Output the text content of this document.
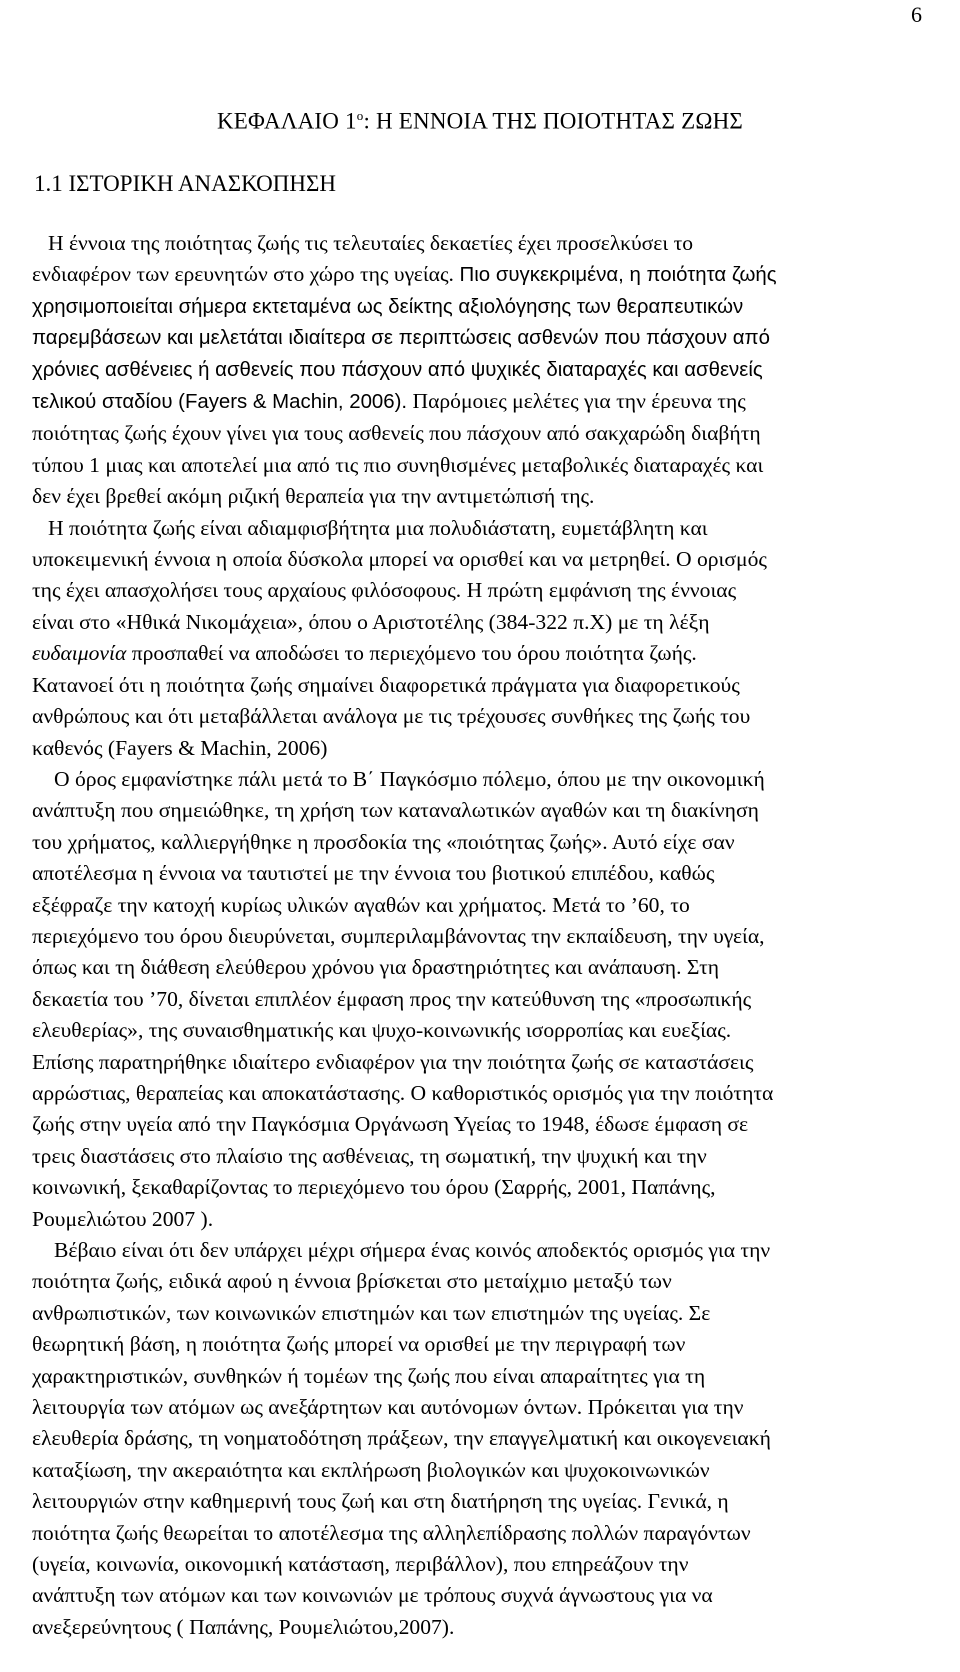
6
ΚΕΦΑΛΑΙΟ $1^o$: Η ΕΝΝΟΙΑ ΤΗΣ ΠΟΙΟΤΗΤΑΣ ΖΩΗΣ
1.1 ΙΣΤΟΡΙΚΗ ΑΝΑΣΚΟΠΗΣΗ
Η έννοια της ποιότητας ζωής τις τελευταίες δεκαετίες έχει προσελκύσει το
ενδιαφέρον των ερευνητών στο χώρο της υγείας. Πιο συγκεκριμένα, η ποιότητα ζωής
χρησιμοποιείται σήμερα εκτεταμένα ως δείκτης αξιολόγησης των θεραπευτικών
παρεμβάσεων και μελετάται ιδιαίτερα σε περιπτώσεις ασθενών που πάσχουν από
χρόνιες ασθένειες ή ασθενείς που πάσχουν από ψυχικές διαταραχές και ασθενείς
τελικού σταδίου (Fayers & Machin, 2006). Παρόμοιες μελέτες για την έρευνα της
ποιότητας ζωής έχουν γίνει για τους ασθενείς που πάσχουν από σακχαρώδη διαβήτη
τύπου 1 μιας και αποτελεί μια από τις πιο συνηθισμένες μεταβολικές διαταραχές και
δεν έχει βρεθεί ακόμη ριζική θεραπεία για την αντιμετώπισή της.
Η ποιότητα ζωής είναι αδιαμφισβήτητα μια πολυδιάστατη, ευμετάβλητη και
υποκειμενική έννοια η οποία δύσκολα μπορεί να ορισθεί και να μετρηθεί. Ο ορισμός
της έχει απασχολήσει τους αρχαίους φιλόσοφους. Η πρώτη εμφάνιση της έννοιας
είναι στο «Ηθικά Νικομάχεια», όπου ο Αριστοτέλης (384-322 π.Χ) με τη λέξη
ευδαιμονία προσπαθεί να αποδώσει το περιεχόμενο του όρου ποιότητα ζωής.
Κατανοεί ότι η ποιότητα ζωής σημαίνει διαφορετικά πράγματα για διαφορετικούς
ανθρώπους και ότι μεταβάλλεται ανάλογα με τις τρέχουσες συνθήκες της ζωής του
καθενός (Fayers & Machin, 2006)
Ο όρος εμφανίστηκε πάλι μετά το Β΄ Παγκόσμιο πόλεμο, όπου με την οικονομική
ανάπτυξη που σημειώθηκε, τη χρήση των καταναλωτικών αγαθών και τη διακίνηση
του χρήματος, καλλιεργήθηκε η προσδοκία της «ποιότητας ζωής». Αυτό είχε σαν
αποτέλεσμα η έννοια να ταυτιστεί με την έννοια του βιοτικού επιπέδου, καθώς
εξέφραζε την κατοχή κυρίως υλικών αγαθών και χρήματος. Μετά το ’60, το
περιεχόμενο του όρου διευρύνεται, συμπεριλαμβάνοντας την εκπαίδευση, την υγεία,
όπως και τη διάθεση ελεύθερου χρόνου για δραστηριότητες και ανάπαυση. Στη
δεκαετία του ’70, δίνεται επιπλέον έμφαση προς την κατεύθυνση της «προσωπικής
ελευθερίας», της συναισθηματικής και ψυχο-κοινωνικής ισορροπίας και ευεξίας.
Επίσης παρατηρήθηκε ιδιαίτερο ενδιαφέρον για την ποιότητα ζωής σε καταστάσεις
αρρώστιας, θεραπείας και αποκατάστασης. Ο καθοριστικός ορισμός για την ποιότητα
ζωής στην υγεία από την Παγκόσμια Οργάνωση Υγείας το 1948, έδωσε έμφαση σε
τρεις διαστάσεις στο πλαίσιο της ασθένειας, τη σωματική, την ψυχική και την
κοινωνική, ξεκαθαρίζοντας το περιεχόμενο του όρου (Σαρρής, 2001, Παπάνης,
Ρουμελιώτου 2007 ).
Βέβαιο είναι ότι δεν υπάρχει μέχρι σήμερα ένας κοινός αποδεκτός ορισμός για την
ποιότητα ζωής, ειδικά αφού η έννοια βρίσκεται στο μεταίχμιο μεταξύ των
ανθρωπιστικών, των κοινωνικών επιστημών και των επιστημών της υγείας. Σε
θεωρητική βάση, η ποιότητα ζωής μπορεί να ορισθεί με την περιγραφή των
χαρακτηριστικών, συνθηκών ή τομέων της ζωής που είναι απαραίτητες για τη
λειτουργία των ατόμων ως ανεξάρτητων και αυτόνομων όντων. Πρόκειται για την
ελευθερία δράσης, τη νοηματοδότηση πράξεων, την επαγγελματική και οικογενειακή
καταξίωση, την ακεραιότητα και εκπλήρωση βιολογικών και ψυχοκοινωνικών
λειτουργιών στην καθημερινή τους ζωή και στη διατήρηση της υγείας. Γενικά, η
ποιότητα ζωής θεωρείται το αποτέλεσμα της αλληλεπίδρασης πολλών παραγόντων
(υγεία, κοινωνία, οικονομική κατάσταση, περιβάλλον), που επηρεάζουν την
ανάπτυξη των ατόμων και των κοινωνιών με τρόπους συχνά άγνωστους για να
ανεξερεύνητους ( Παπάνης, Ρουμελιώτου,2007).
